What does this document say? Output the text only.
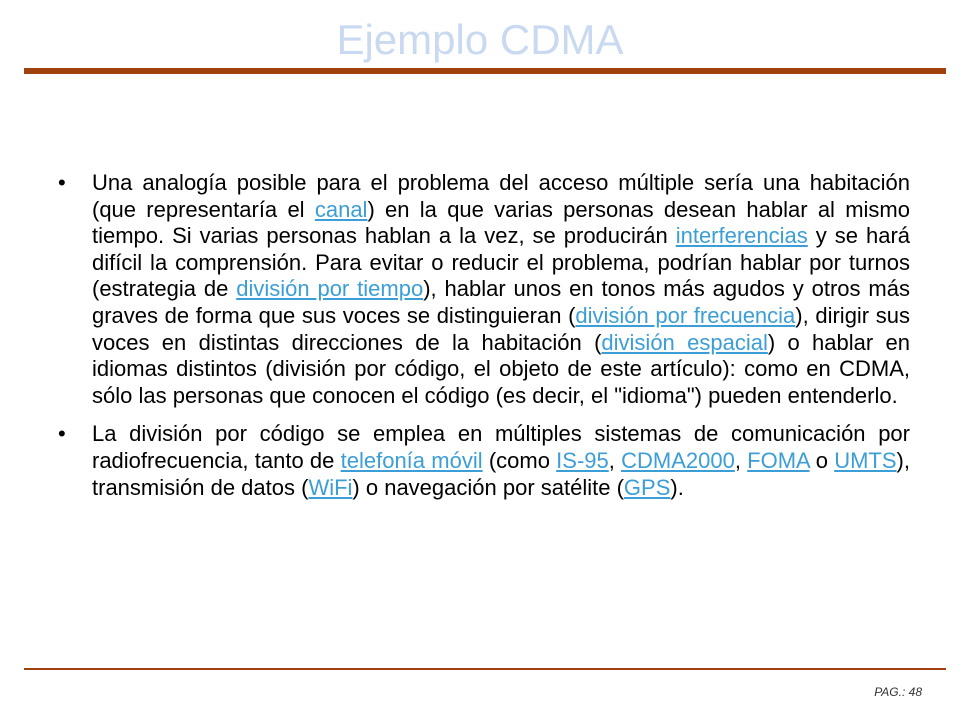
Ejemplo CDMA
• Una analogía posible para el problema del acceso múltiple sería una habitación (que representaría el canal) en la que varias personas desean hablar al mismo tiempo. Si varias personas hablan a la vez, se producirán interferencias y se hará difícil la comprensión. Para evitar o reducir el problema, podrían hablar por turnos (estrategia de división por tiempo), hablar unos en tonos más agudos y otros más graves de forma que sus voces se distinguieran (división por frecuencia), dirigir sus voces en distintas direcciones de la habitación (división espacial) o hablar en idiomas distintos (división por código, el objeto de este artículo): como en CDMA, sólo las personas que conocen el código (es decir, el "idioma") pueden entenderlo.
• La división por código se emplea en múltiples sistemas de comunicación por radiofrecuencia, tanto de telefonía móvil (como IS-95, CDMA2000, FOMA o UMTS), transmisión de datos (WiFi) o navegación por satélite (GPS).
PAG.: 48
